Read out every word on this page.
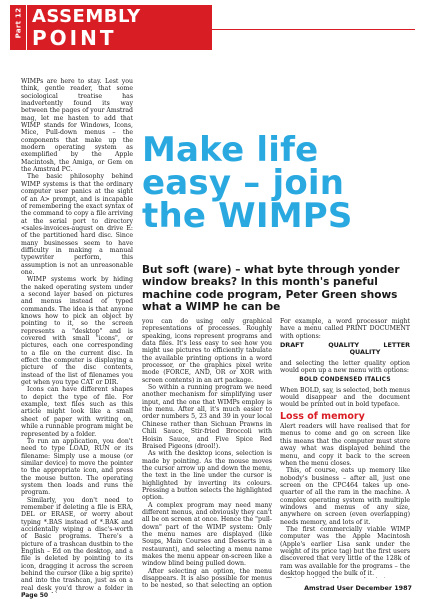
Part 12 ASSEMBLY
POINT

WIMPs are here to stay. Lest you think, gentle reader, that some sociological treatise has inadvertently found its way between the pages of your Amstrad mag, let me hasten to add that WIMP stands for Windows, Icons, Mice, Pull-down menus – the components that make up the modern operating system as exemplified by the Apple Macintosh, the Amiga, or Gem on the Amstrad PC.

The basic philosophy behind WIMP systems is that the ordinary computer user panics at the sight of an A> prompt, and is incapable of remembering the exact syntax of the command to copy a file arriving at the serial port to directory <sales-invoices-august on drive E: of the partitioned hard disc. Since many businesses seem to have difficulty in making a manual typewriter perform, this assumption is not an unreasonable one.

WIMP systems work by hiding the naked operating system under a second layer based on pictures and menus instead of typed commands. The idea is that anyone knows how to pick an object by pointing to it, so the screen represents a "desktop" and is covered with small "icons", or pictures, each one corresponding to a file on the current disc. In effect the computer is displaying a picture of the disc contents, instead of the list of filenames you get when you type CAT or DIR.

Icons can have different shapes to depict the type of file. For example, text files such as this article might look like a small sheet of paper with writing on, while a runnable program might be represented by a folder.

To run an application, you don't need to type LOAD, RUN or its filename: Simply use a mouse (or similar device) to move the pointer to the appropriate icon, and press the mouse button. The operating system then loads and runs the program.

Similarly, you don't need to remember if deleting a file is ERA, DEL or ERASE, or worry about typing *.BAS instead of *.BAK and accidentally wiping a disc's-worth of Basic programs. There's a picture of a trashcan dustbin to the English – Ed on the desktop, and a file is deleted by pointing to its icon, dragging it across the screen behind the cursor (like a big sprite) and into the trashcan, just as on a real desk you'd throw a folder in

Make life
easy – join
the WIMPS
But soft (ware) – what byte through yonder window breaks? In this month's paneful machine code program, Peter Green shows what a WIMP he can be

you can do using only graphical representations of processes. Roughly speaking, icons represent programs and data files. It's less easy to see how you might use pictures to efficiently tabulate the available printing options in a word processor, or the graphics pixel write mode (FORCE, AND, OR or XOR with screen contents) in an art package.

So within a running program we need another mechanism for simplifying user input, and the one that WIMPs employ is the menu. After all, it's much easier to order numbers 5, 23 and 39 in your local Chinese rather than Sichuan Prawns in Chili Sauce, Stir-fried Broccoli with Hoisin Sauce, and Five Spice Red Braised Pigeons (drool!).

As with the desktop icons, selection is made by pointing. As the mouse moves the cursor arrow up and down the menu, the text in the line under the cursor is highlighted by inverting its colours. Pressing a button selects the highlighted option.

A complex program may need many different menus, and obviously they can't all be on screen at once. Hence the "pull-down" part of the WIMP system: Only the menu names are displayed (like Soups, Main Courses and Desserts in a restaurant), and selecting a menu name makes the menu appear on-screen like a window blind being pulled down.

After selecting an option, the menu disappears. It is also possible for menus to be nested, so that selecting an option

For example, a word processor might have a menu called PRINT DOCUMENT with options:

DRAFT	QUALITY	LETTER
QUALITY

and selecting the letter quality option would open up a new menu with options:

BOLD CONDENSED ITALICS

When BOLD, say, is selected, both menus would disappear and the document would be printed out in bold typeface.

Loss of memory

Alert readers will have realised that for menus to come and go on screen like this means that the computer must store away what was displayed behind the menu, and copy it back to the screen when the menu closes.

This, of course, eats up memory like nobody's business – after all, just one screen on the CPC464 takes up one-quarter of all the ram in the machine. A complex operating system with multiple windows and menus of any size, anywhere on screen (even overlapping) needs memory, and lots of it.

The first commercially viable WIMP computer was the Apple Macintosh (Apple's earlier Lisa sank under the weight of its price tag) but the first users discovered that very little of the 128k of ram was available for the programs – the desktop hogged the bulk of it.

Page 50
Amstrad User December 1987
